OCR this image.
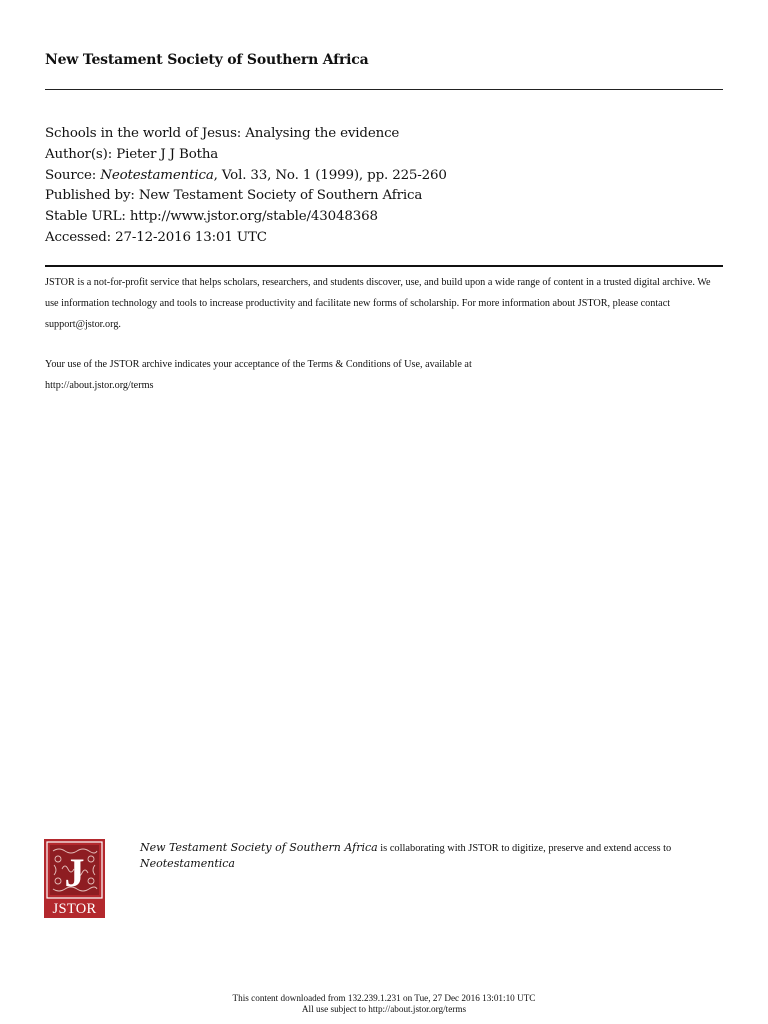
New Testament Society of Southern Africa
Schools in the world of Jesus: Analysing the evidence
Author(s): Pieter J J Botha
Source: Neotestamentica, Vol. 33, No. 1 (1999), pp. 225-260
Published by: New Testament Society of Southern Africa
Stable URL: http://www.jstor.org/stable/43048368
Accessed: 27-12-2016 13:01 UTC
JSTOR is a not-for-profit service that helps scholars, researchers, and students discover, use, and build upon a wide range of content in a trusted digital archive. We use information technology and tools to increase productivity and facilitate new forms of scholarship. For more information about JSTOR, please contact support@jstor.org.
Your use of the JSTOR archive indicates your acceptance of the Terms & Conditions of Use, available at
http://about.jstor.org/terms
J
JSTOR
New Testament Society of Southern Africa is collaborating with JSTOR to digitize, preserve and extend access to Neotestamentica
This content downloaded from 132.239.1.231 on Tue, 27 Dec 2016 13:01:10 UTC
All use subject to http://about.jstor.org/terms
